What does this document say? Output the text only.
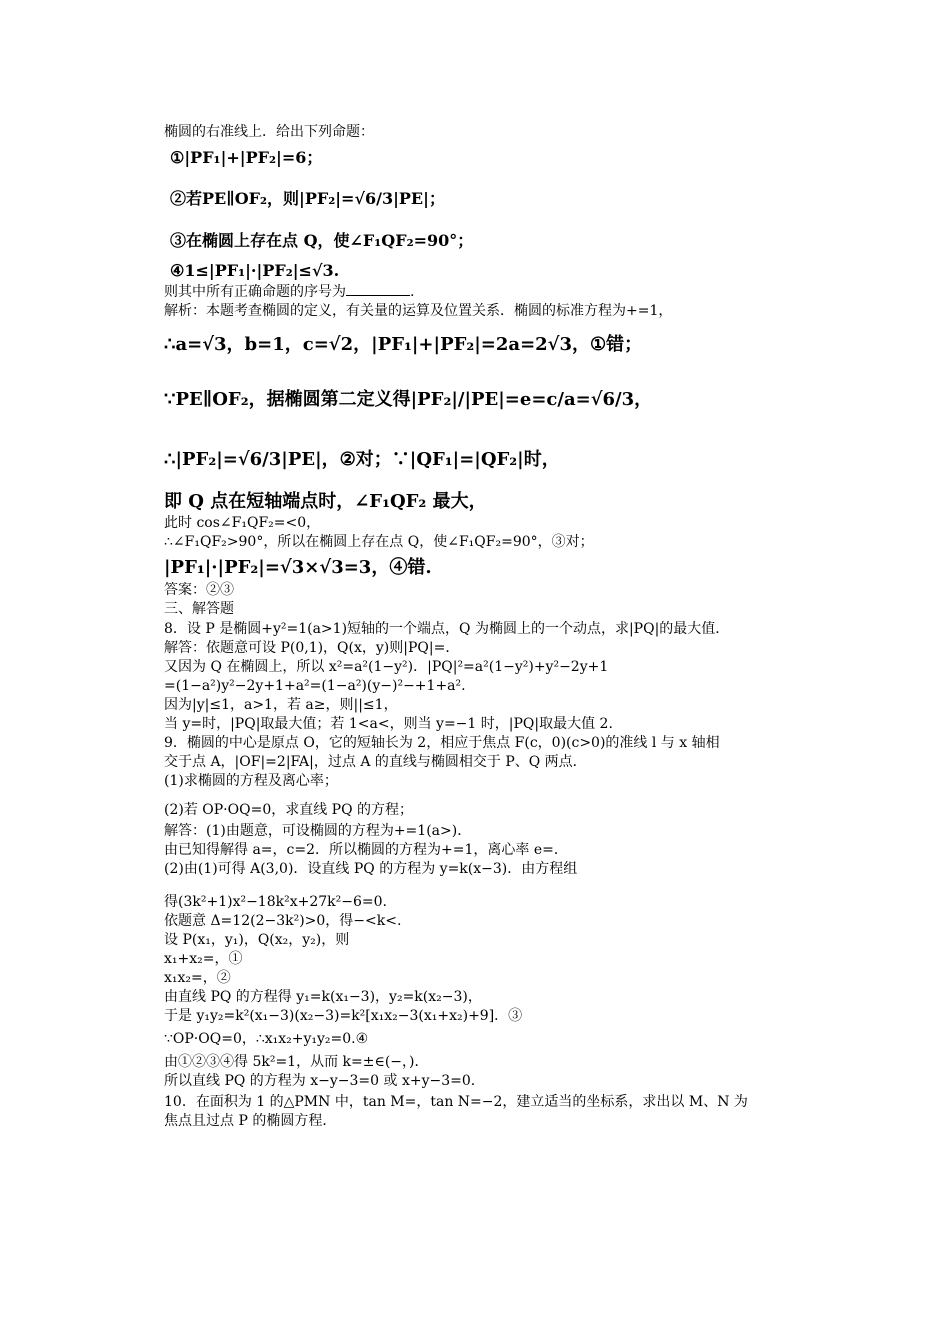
椭圆的右准线上．给出下列命题：
①|PF₁|+|PF₂|=6；
②若PE∥OF₂，则|PF₂|=√6/3|PE|；
③在椭圆上存在点 Q，使∠F₁QF₂=90°；
④1≤|PF₁|·|PF₂|≤√3.
则其中所有正确命题的序号为	.
解析：本题考查椭圆的定义，有关量的运算及位置关系．椭圆的标准方程为+=1，
∴a=√3，b=1，c=√2，|PF₁|+|PF₂|=2a=2√3，①错；
∵PE∥OF₂，据椭圆第二定义得|PF₂|/|PE|=e=c/a=√6/3，
∴|PF₂|=√6/3|PE|，②对；∵|QF₁|=|QF₂|时，
即 Q 点在短轴端点时，∠F₁QF₂ 最大，
此时 cos∠F₁QF₂=<0，
∴∠F₁QF₂>90°，所以在椭圆上存在点 Q，使∠F₁QF₂=90°，③对；
|PF₁|·|PF₂|=√3×√3=3，④错.
答案：②③
三、解答题
8．设 P 是椭圆+y²=1(a>1)短轴的一个端点，Q 为椭圆上的一个动点，求|PQ|的最大值．
解答：依题意可设 P(0,1)，Q(x，y)则|PQ|=．
又因为 Q 在椭圆上，所以 x²=a²(1−y²)．|PQ|²=a²(1−y²)+y²−2y+1
=(1−a²)y²−2y+1+a²=(1−a²)(y−)²−+1+a².
因为|y|≤1，a>1，若 a≥，则||≤1，
当 y=时，|PQ|取最大值；若 1<a<，则当 y=−1 时，|PQ|取最大值 2.
9．椭圆的中心是原点 O，它的短轴长为 2，相应于焦点 F(c，0)(c>0)的准线 l 与 x 轴相
交于点 A，|OF|=2|FA|，过点 A 的直线与椭圆相交于 P、Q 两点．
(1)求椭圆的方程及离心率；
(2)若 OP·OQ=0，求直线 PQ 的方程；
解答：(1)由题意，可设椭圆的方程为+=1(a>)．
由已知得解得 a=，c=2．所以椭圆的方程为+=1，离心率 e=．
(2)由(1)可得 A(3,0)．设直线 PQ 的方程为 y=k(x−3)．由方程组
得(3k²+1)x²−18k²x+27k²−6=0.
依题意 Δ=12(2−3k²)>0，得−<k<.
设 P(x₁，y₁)，Q(x₂，y₂)，则
x₁+x₂=，①
x₁x₂=，②
由直线 PQ 的方程得 y₁=k(x₁−3)，y₂=k(x₂−3)，
于是 y₁y₂=k²(x₁−3)(x₂−3)=k²[x₁x₂−3(x₁+x₂)+9]．③
∵OP·OQ=0，∴x₁x₂+y₁y₂=0.④
由①②③④得 5k²=1，从而 k=±∈(−，)．
所以直线 PQ 的方程为 x−y−3=0 或 x+y−3=0.
10．在面积为 1 的△PMN 中，tan M=，tan N=−2，建立适当的坐标系，求出以 M、N 为
焦点且过点 P 的椭圆方程．
